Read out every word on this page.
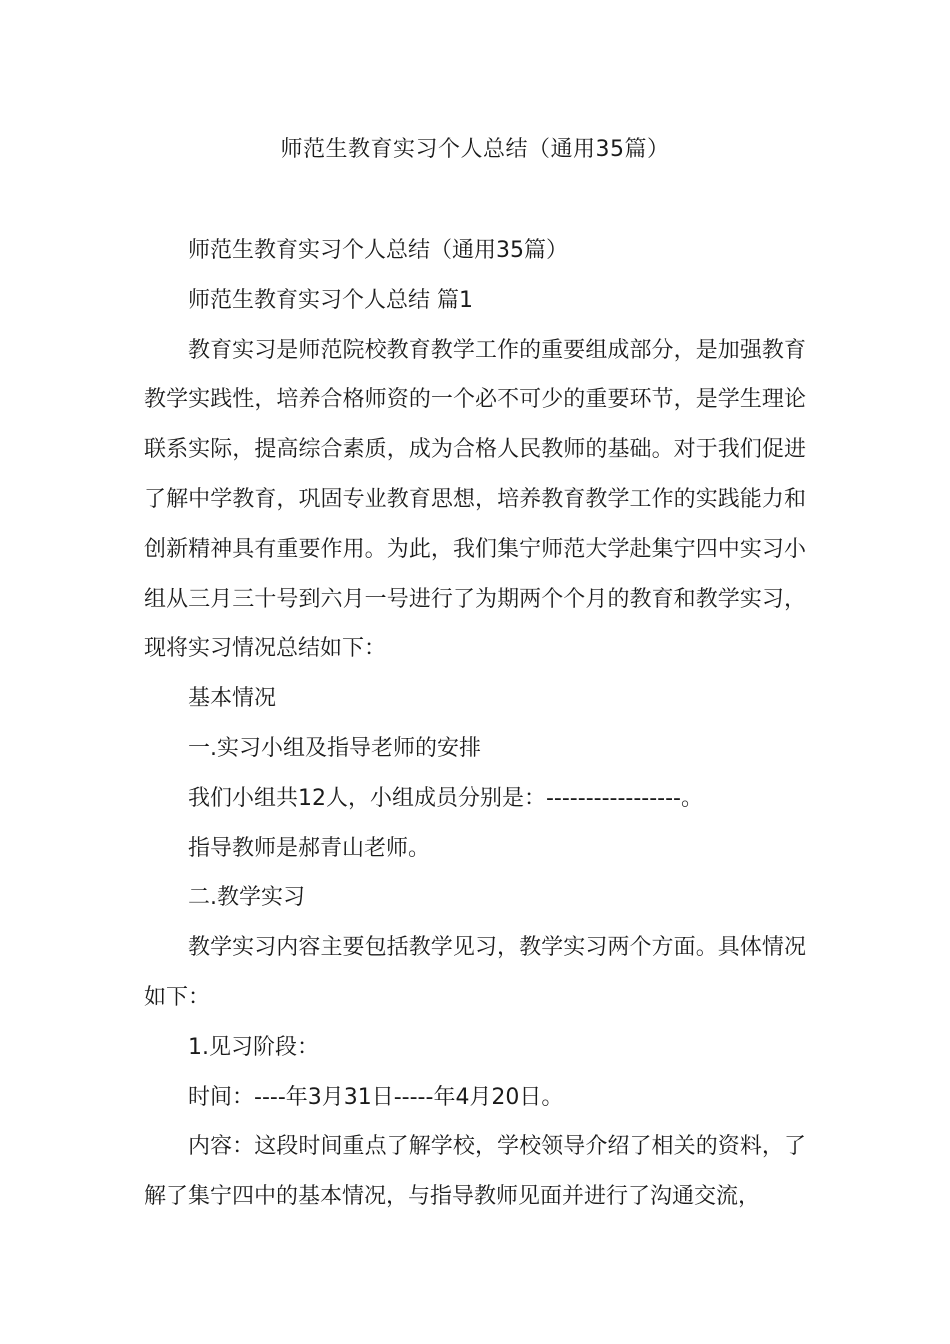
师范生教育实习个人总结（通用35篇）

师范生教育实习个人总结（通用35篇）

师范生教育实习个人总结 篇1

教育实习是师范院校教育教学工作的重要组成部分，是加强教育教学实践性，培养合格师资的一个必不可少的重要环节，是学生理论联系实际，提高综合素质，成为合格人民教师的基础。对于我们促进了解中学教育，巩固专业教育思想，培养教育教学工作的实践能力和创新精神具有重要作用。为此，我们集宁师范大学赴集宁四中实习小组从三月三十号到六月一号进行了为期两个个月的教育和教学实习，现将实习情况总结如下：

基本情况

一.实习小组及指导老师的安排

我们小组共12人，小组成员分别是：-----------------。

指导教师是郝青山老师。

二.教学实习

教学实习内容主要包括教学见习，教学实习两个方面。具体情况如下：

1.见习阶段：

时间：----年3月31日-----年4月20日。

内容：这段时间重点了解学校，学校领导介绍了相关的资料，了解了集宁四中的基本情况，与指导教师见面并进行了沟通交流，
